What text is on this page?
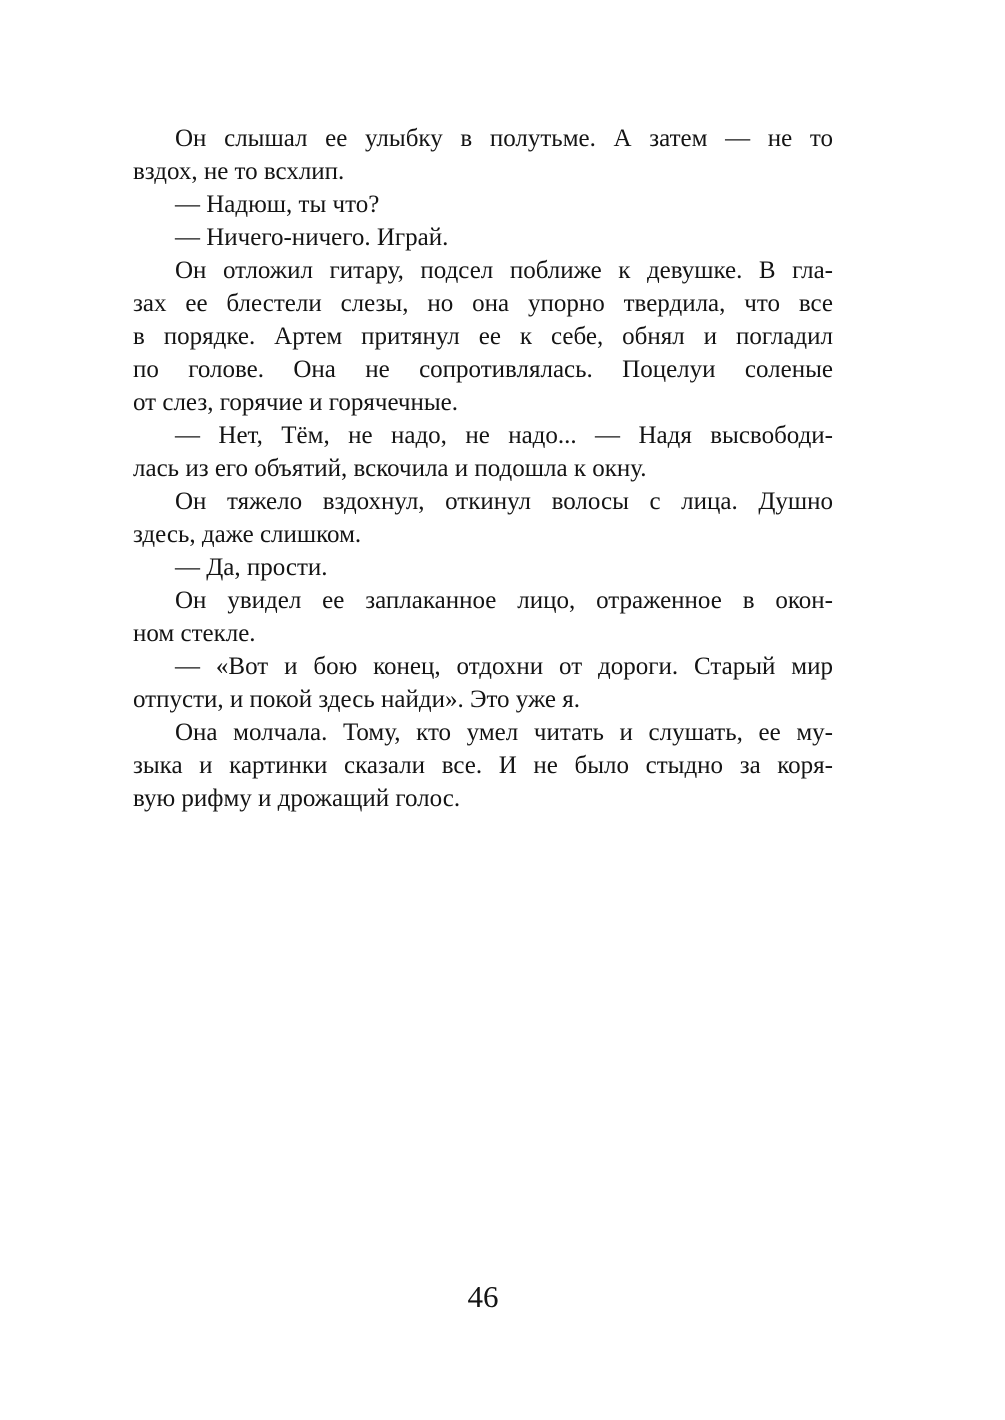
Он слышал ее улыбку в полутьме. А затем — не то
вздох, не то всхлип.
— Надюш, ты что?
— Ничего-ничего. Играй.
Он отложил гитару, подсел поближе к девушке. В гла-
зах ее блестели слезы, но она упорно твердила, что все
в порядке. Артем притянул ее к себе, обнял и погладил
по голове. Она не сопротивлялась. Поцелуи соленые
от слез, горячие и горячечные.
— Нет, Тём, не надо, не надо... — Надя высвободи-
лась из его объятий, вскочила и подошла к окну.
Он тяжело вздохнул, откинул волосы с лица. Душно
здесь, даже слишком.
— Да, прости.
Он увидел ее заплаканное лицо, отраженное в окон-
ном стекле.
— «Вот и бою конец, отдохни от дороги. Старый мир
отпусти, и покой здесь найди». Это уже я.
Она молчала. Тому, кто умел читать и слушать, ее му-
зыка и картинки сказали все. И не было стыдно за коря-
вую рифму и дрожащий голос.
46
